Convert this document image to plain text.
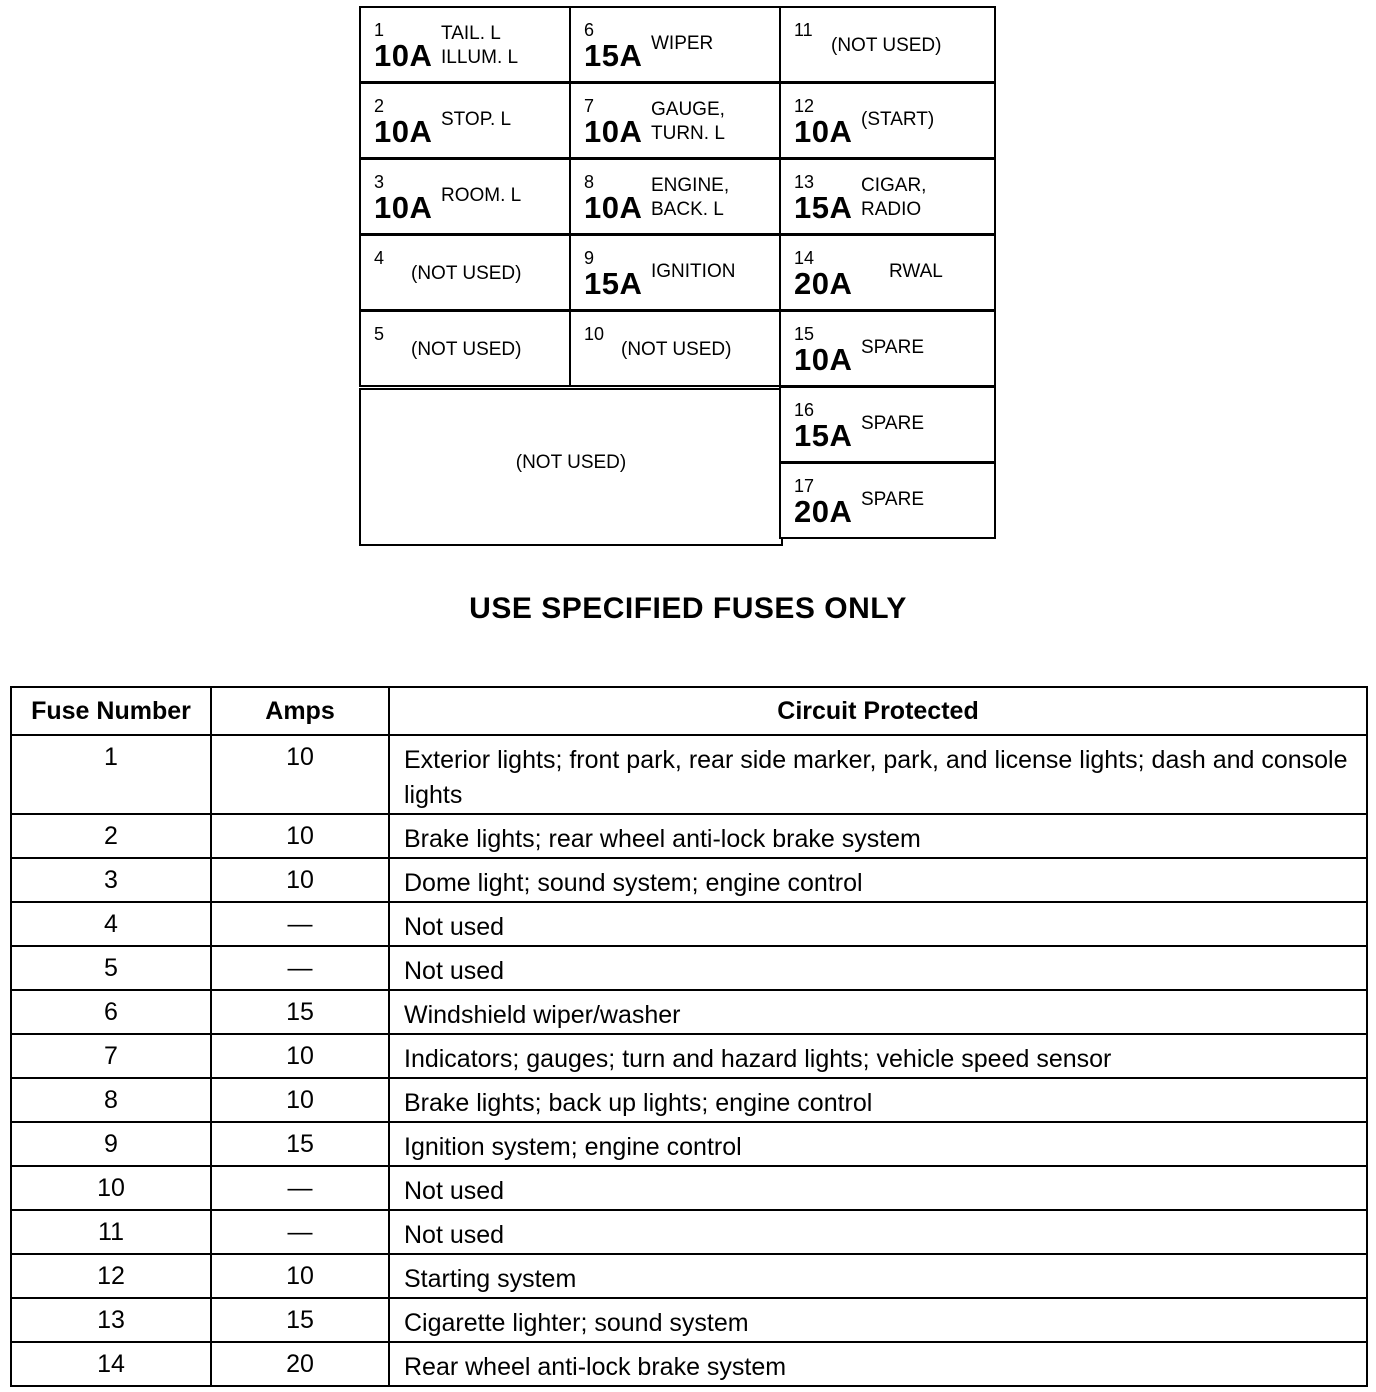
(NOT USED)
1
10A
TAIL. L
ILLUM. L
2
10A STOP. L
3
10A ROOM. L
4
(NOT USED)
5
(NOT USED)
6
15A WIPER
7
10A
GAUGE,
TURN. L
8
10A
ENGINE,
BACK. L
9
15A IGNITION
10
(NOT USED)
11
(NOT USED)
12
10A (START)
13
15A
CIGAR,
RADIO
14
20A RWAL
15
10A SPARE
16
15A SPARE
17
20A SPARE
USE SPECIFIED FUSES ONLY
Fuse Number	Amps	Circuit Protected
1	10	Exterior lights; front park, rear side marker, park, and license lights; dash and console lights
2	10	Brake lights; rear wheel anti-lock brake system
3	10	Dome light; sound system; engine control
4	—	Not used
5	—	Not used
6	15	Windshield wiper/washer
7	10	Indicators; gauges; turn and hazard lights; vehicle speed sensor
8	10	Brake lights; back up lights; engine control
9	15	Ignition system; engine control
10	—	Not used
11	—	Not used
12	10	Starting system
13	15	Cigarette lighter; sound system
14	20	Rear wheel anti-lock brake system
